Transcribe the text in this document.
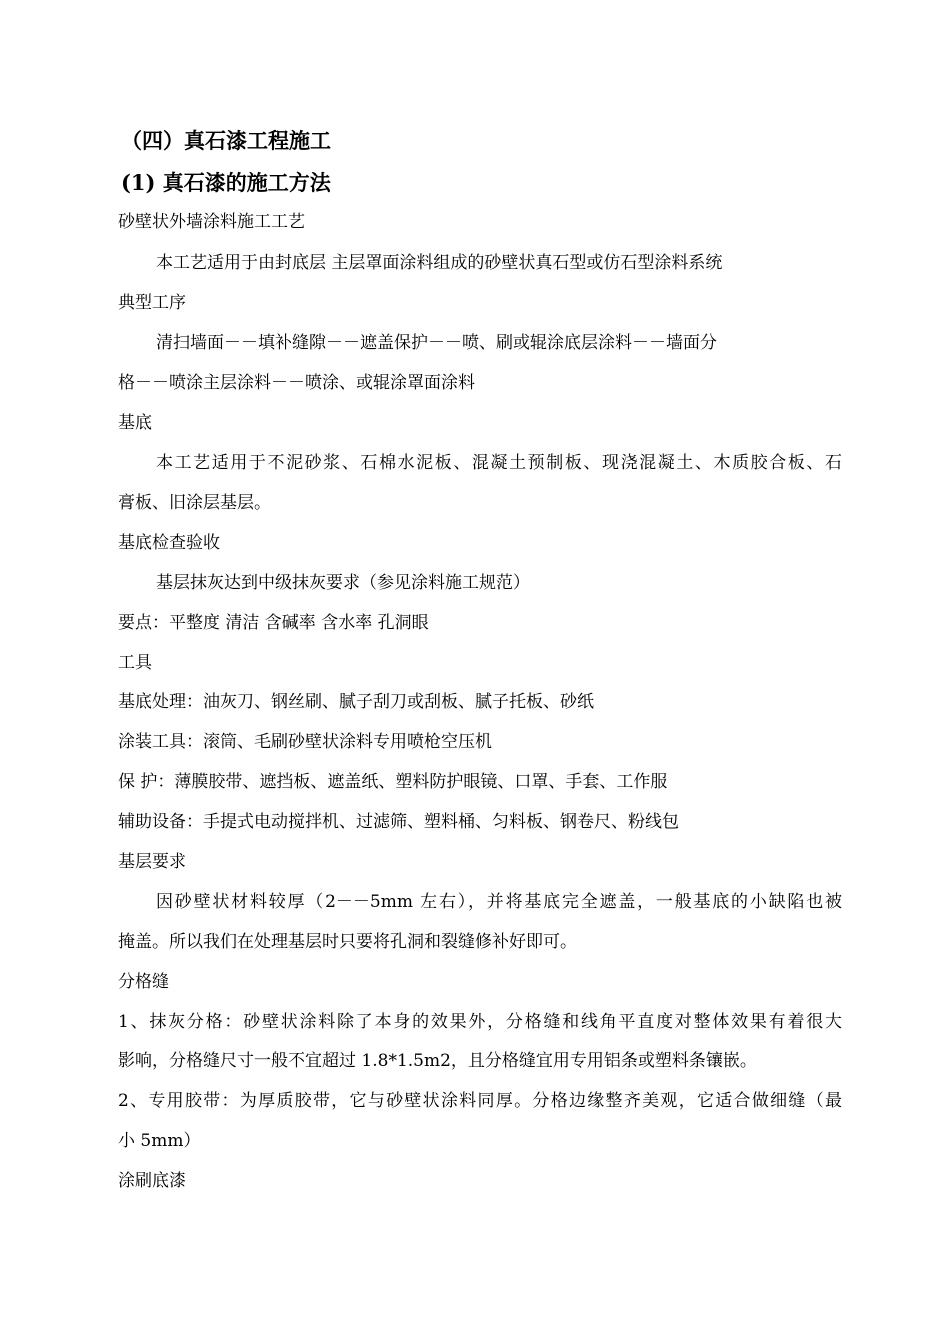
（四）真石漆工程施工
(1) 真石漆的施工方法
砂壁状外墙涂料施工工艺
本工艺适用于由封底层 主层罩面涂料组成的砂壁状真石型或仿石型涂料系统
典型工序
清扫墙面－－填补缝隙－－遮盖保护－－喷、刷或辊涂底层涂料－－墙面分
格－－喷涂主层涂料－－喷涂、或辊涂罩面涂料
基底
本工艺适用于不泥砂浆、石棉水泥板、混凝土预制板、现浇混凝土、木质胶合板、石
膏板、旧涂层基层。
基底检查验收
基层抹灰达到中级抹灰要求（参见涂料施工规范）
要点：平整度 清洁 含碱率 含水率 孔洞眼
工具
基底处理：油灰刀、钢丝刷、腻子刮刀或刮板、腻子托板、砂纸
涂装工具：滚筒、毛刷砂壁状涂料专用喷枪空压机
保 护：薄膜胶带、遮挡板、遮盖纸、塑料防护眼镜、口罩、手套、工作服
辅助设备：手提式电动搅拌机、过滤筛、塑料桶、匀料板、钢卷尺、粉线包
基层要求
因砂壁状材料较厚（2－－5mm 左右），并将基底完全遮盖，一般基底的小缺陷也被
掩盖。所以我们在处理基层时只要将孔洞和裂缝修补好即可。
分格缝
1、抹灰分格：砂壁状涂料除了本身的效果外，分格缝和线角平直度对整体效果有着很大
影响，分格缝尺寸一般不宜超过 1.8*1.5m2，且分格缝宜用专用铝条或塑料条镶嵌。
2、专用胶带：为厚质胶带，它与砂壁状涂料同厚。分格边缘整齐美观，它适合做细缝（最
小 5mm）
涂刷底漆
